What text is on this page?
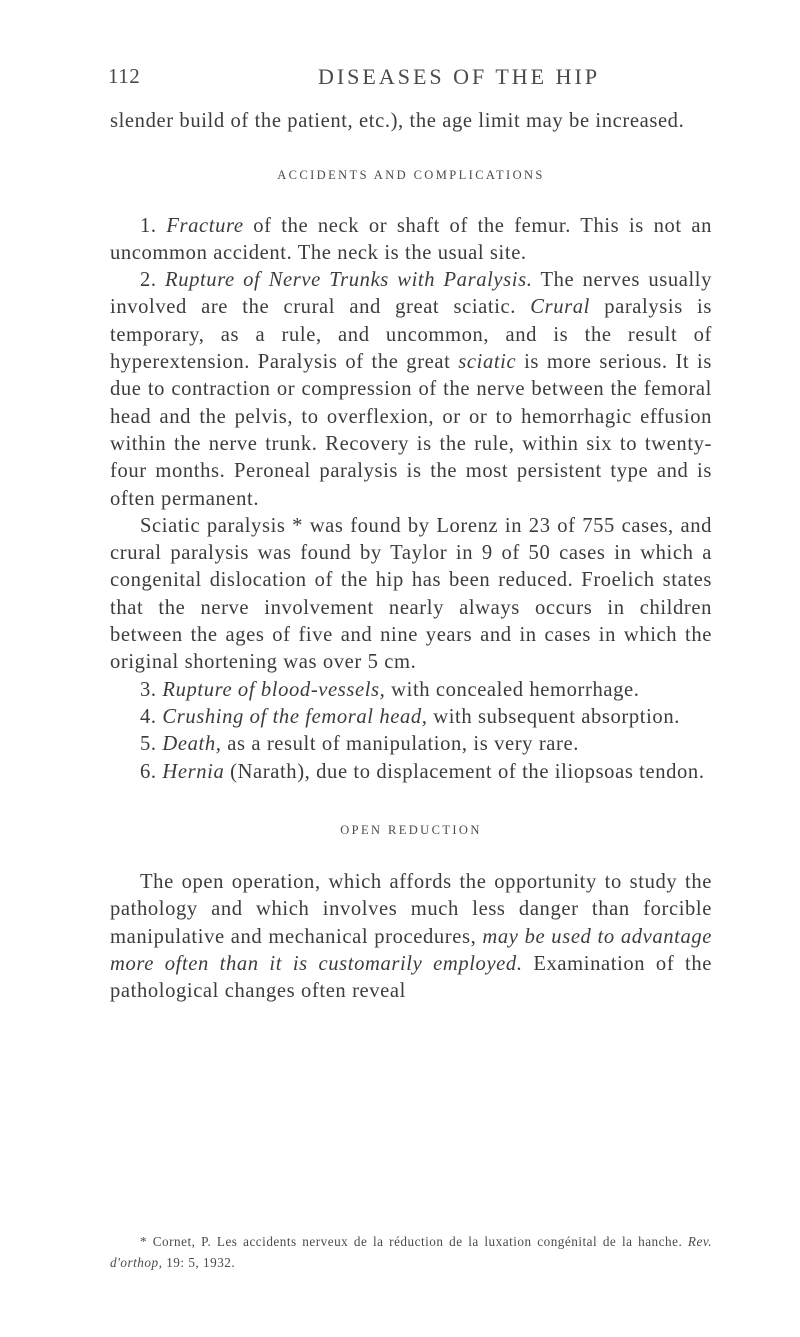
112	DISEASES OF THE HIP

slender build of the patient, etc.), the age limit may be increased.

ACCIDENTS AND COMPLICATIONS

1. Fracture of the neck or shaft of the femur. This is not an uncommon accident. The neck is the usual site.

2. Rupture of Nerve Trunks with Paralysis. The nerves usually involved are the crural and great sciatic. Crural paralysis is temporary, as a rule, and uncommon, and is the result of hyperextension. Paralysis of the great sciatic is more serious. It is due to contraction or compression of the nerve between the femoral head and the pelvis, to overflexion, or or to hemorrhagic effusion within the nerve trunk. Recovery is the rule, within six to twenty-four months. Peroneal paralysis is the most persistent type and is often permanent.

Sciatic paralysis * was found by Lorenz in 23 of 755 cases, and crural paralysis was found by Taylor in 9 of 50 cases in which a congenital dislocation of the hip has been reduced. Froelich states that the nerve involvement nearly always occurs in children between the ages of five and nine years and in cases in which the original shortening was over 5 cm.

3. Rupture of blood-vessels, with concealed hemorrhage.

4. Crushing of the femoral head, with subsequent absorption.

5. Death, as a result of manipulation, is very rare.

6. Hernia (Narath), due to displacement of the iliopsoas tendon.

OPEN REDUCTION

The open operation, which affords the opportunity to study the pathology and which involves much less danger than forcible manipulative and mechanical procedures, may be used to advantage more often than it is customarily employed. Examination of the pathological changes often reveal

* Cornet, P. Les accidents nerveux de la réduction de la luxation congénital de la hanche. Rev. d'orthop, 19: 5, 1932.
